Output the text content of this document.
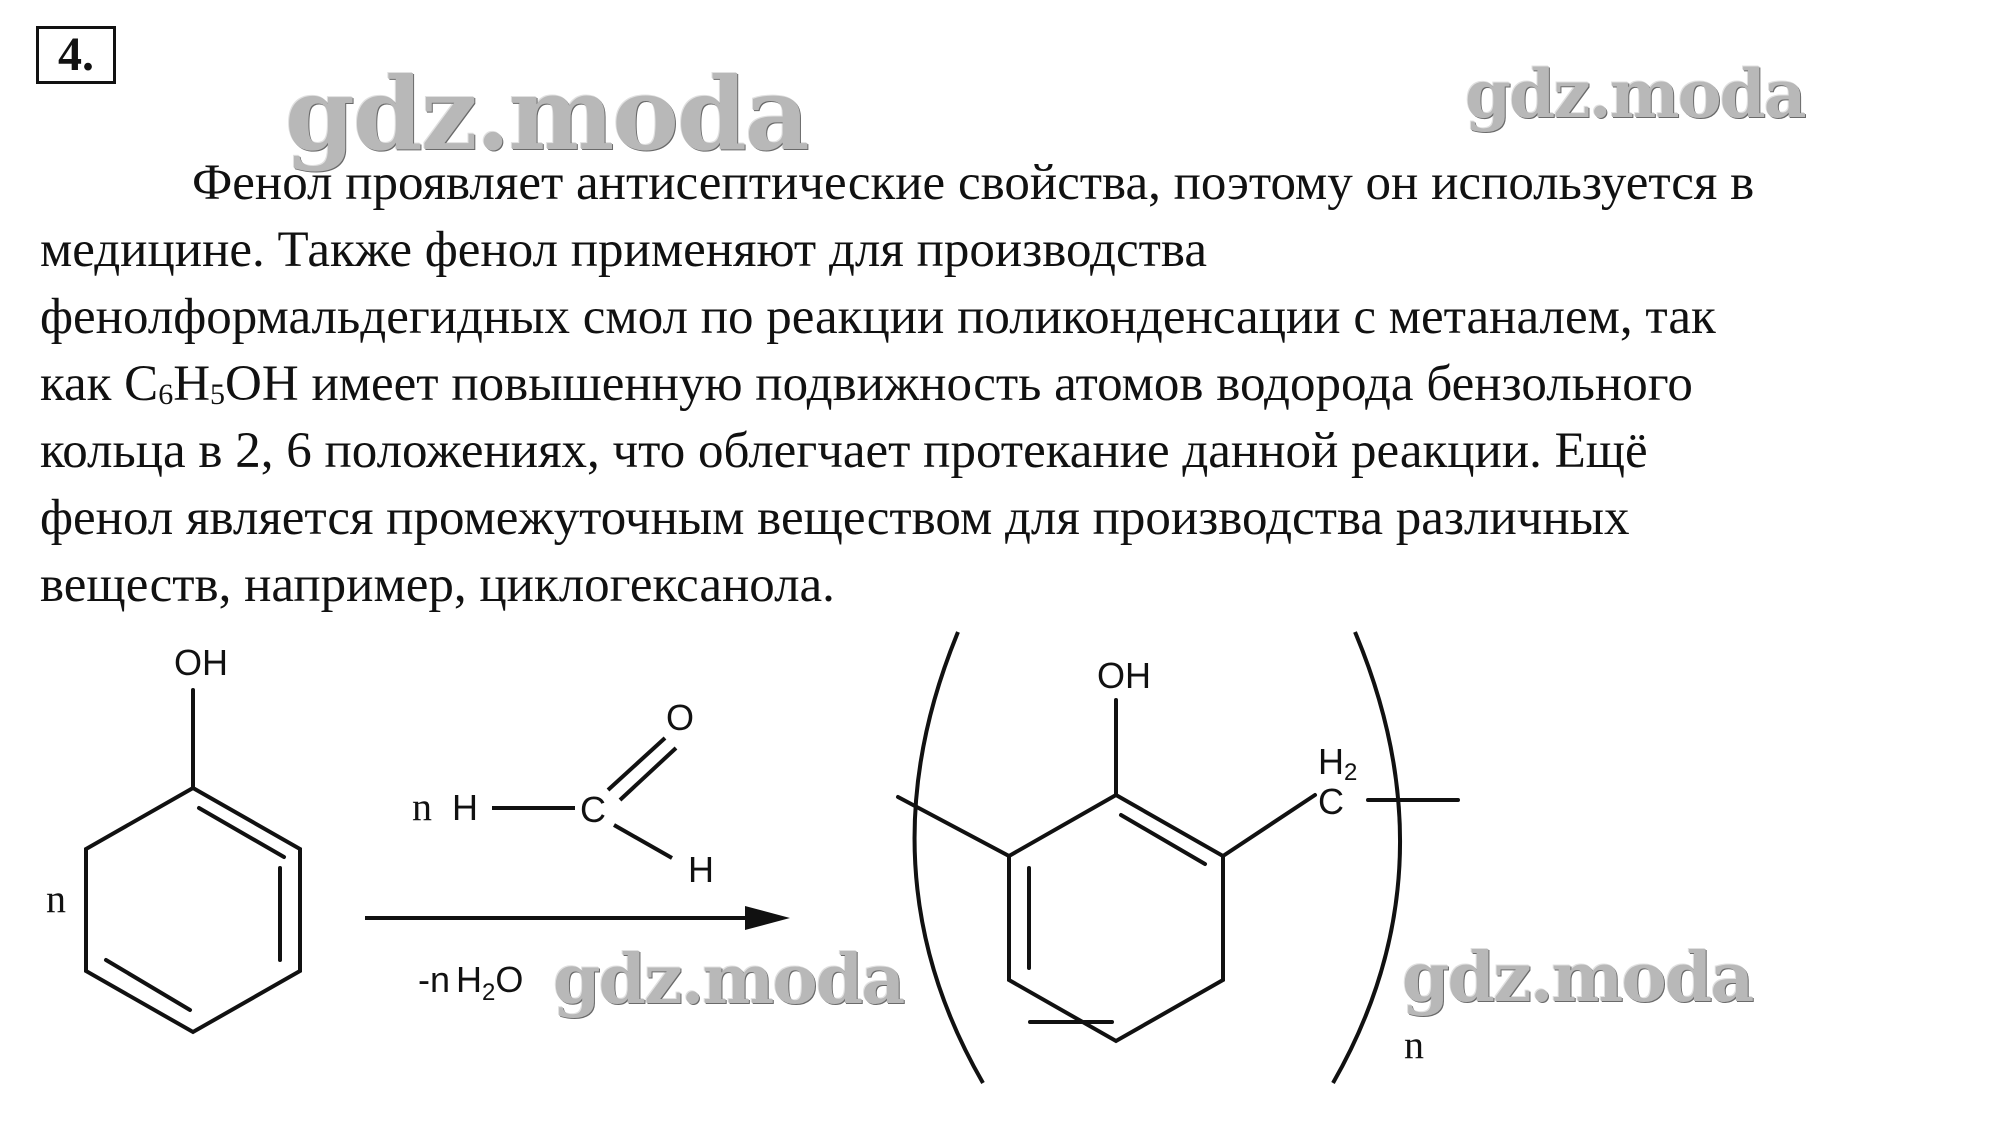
4.
gdz.moda	gdz.moda
Фенол проявляет антисептические свойства, поэтому он используется в
медицине. Также фенол применяют для производства
фенолформальдегидных смол по реакции поликонденсации с метаналем, так
как $C_6H_5OH$ имеет повышенную подвижность атомов водорода бензольного
кольца в 2, 6 положениях, что облегчает протекание данной реакции. Ещё
фенол является промежуточным веществом для производства различных
веществ, например, циклогексанола.
OH
n
n H	C
O
H
-n $H_2O$
OH
H2
C
n
gdz.moda	gdz.moda
